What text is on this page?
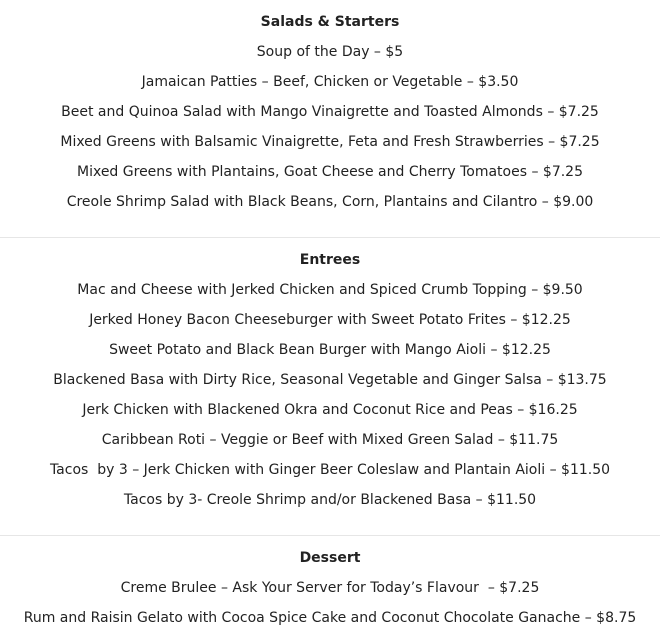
Salads & Starters
Soup of the Day – $5
Jamaican Patties – Beef, Chicken or Vegetable – $3.50
Beet and Quinoa Salad with Mango Vinaigrette and Toasted Almonds – $7.25
Mixed Greens with Balsamic Vinaigrette, Feta and Fresh Strawberries – $7.25
Mixed Greens with Plantains, Goat Cheese and Cherry Tomatoes – $7.25
Creole Shrimp Salad with Black Beans, Corn, Plantains and Cilantro – $9.00
Entrees
Mac and Cheese with Jerked Chicken and Spiced Crumb Topping – $9.50
Jerked Honey Bacon Cheeseburger with Sweet Potato Frites – $12.25
Sweet Potato and Black Bean Burger with Mango Aioli – $12.25
Blackened Basa with Dirty Rice, Seasonal Vegetable and Ginger Salsa – $13.75
Jerk Chicken with Blackened Okra and Coconut Rice and Peas – $16.25
Caribbean Roti – Veggie or Beef with Mixed Green Salad – $11.75
Tacos  by 3 – Jerk Chicken with Ginger Beer Coleslaw and Plantain Aioli – $11.50
Tacos by 3- Creole Shrimp and/or Blackened Basa – $11.50
Dessert
Creme Brulee – Ask Your Server for Today’s Flavour  – $7.25
Rum and Raisin Gelato with Cocoa Spice Cake and Coconut Chocolate Ganache – $8.75
